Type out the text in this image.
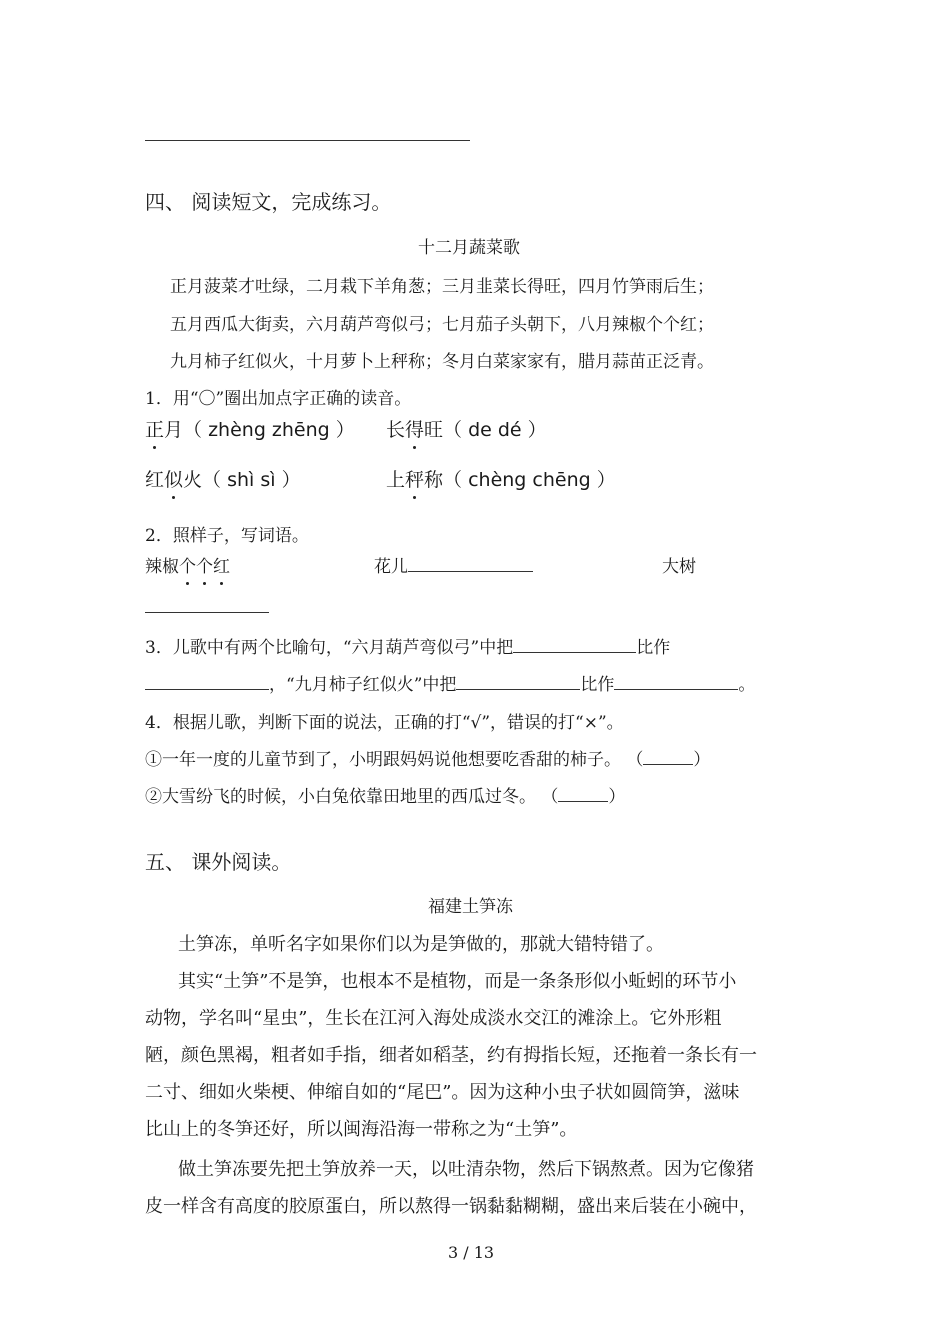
四、 阅读短文，完成练习。
十二月蔬菜歌
正月菠菜才吐绿，二月栽下羊角葱；三月韭菜长得旺，四月竹笋雨后生；
五月西瓜大街卖，六月葫芦弯似弓；七月茄子头朝下，八月辣椒个个红；
九月柿子红似火，十月萝卜上秤称；冬月白菜家家有，腊月蒜苗正泛青。
1．用“〇”圈出加点字正确的读音。
正月（ zhèng zhēng ） 长得旺（ de dé ）
红似火（ shì sì ）	上秤称（ chèng chēng ）
2．照样子，写词语。
辣椒个个红	花儿	大树
3．儿歌中有两个比喻句，“六月葫芦弯似弓”中把	比作
，“九月柿子红似火”中把	比作	。
4．根据儿歌，判断下面的说法，正确的打“√”，错误的打“×”。
①一年一度的儿童节到了，小明跟妈妈说他想要吃香甜的柿子。 （	）
②大雪纷飞的时候，小白兔依靠田地里的西瓜过冬。 （	）
五、 课外阅读。
福建土笋冻
土笋冻，单听名字如果你们以为是笋做的，那就大错特错了。
其实“土笋”不是笋，也根本不是植物，而是一条条形似小蚯蚓的环节小
动物，学名叫“星虫”，生长在江河入海处成淡水交江的滩涂上。它外形粗
陋，颜色黑褐，粗者如手指，细者如稻茎，约有拇指长短，还拖着一条长有一
二寸、细如火柴梗、伸缩自如的“尾巴”。因为这种小虫子状如圆筒笋，滋味
比山上的冬笋还好，所以闽海沿海一带称之为“土笋”。
做土笋冻要先把土笋放养一天，以吐清杂物，然后下锅熬煮。因为它像猪
皮一样含有高度的胶原蛋白，所以熬得一锅黏黏糊糊，盛出来后装在小碗中，
3 / 13
